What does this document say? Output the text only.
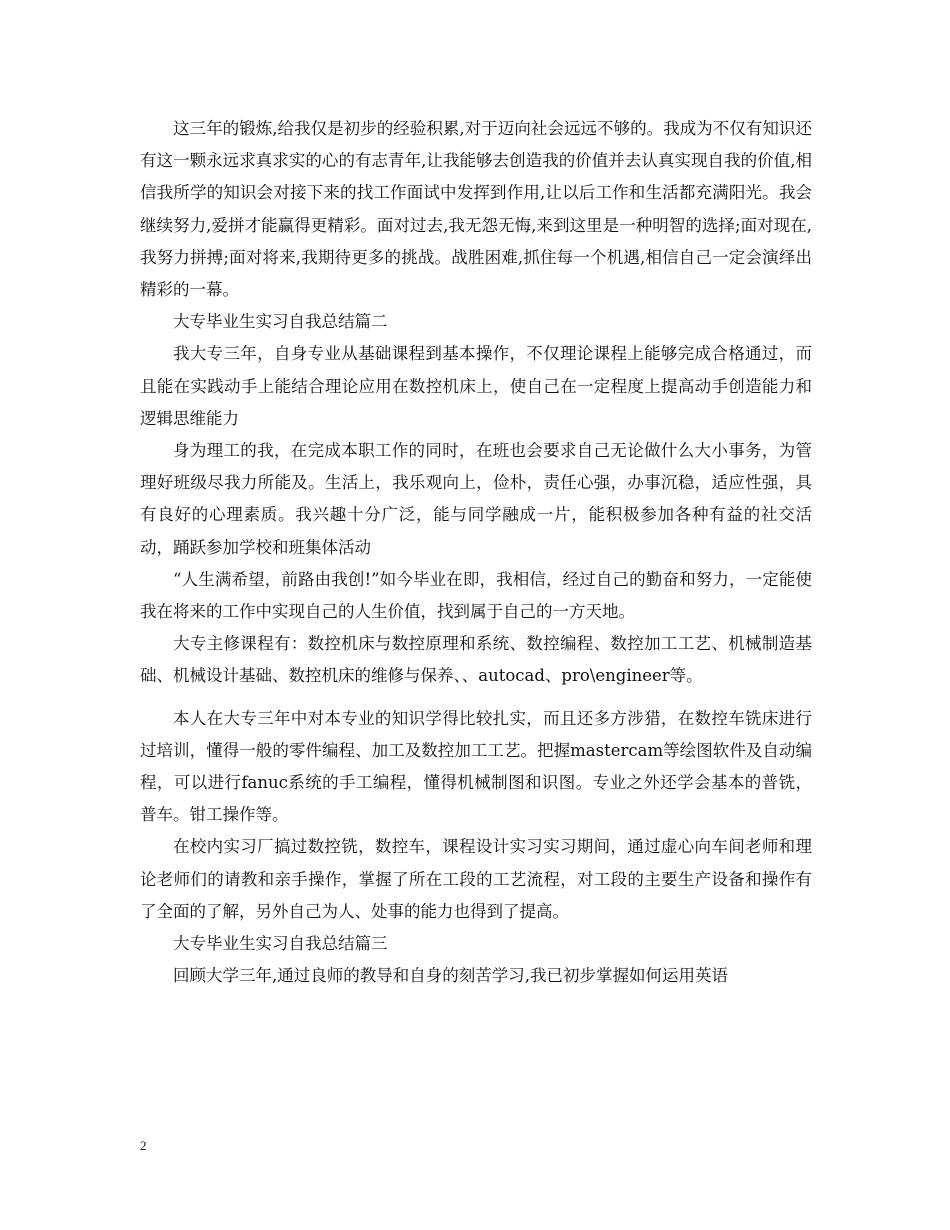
这三年的锻炼,给我仅是初步的经验积累,对于迈向社会远远不够的。我成为不仅有知识还有这一颗永远求真求实的心的有志青年,让我能够去创造我的价值并去认真实现自我的价值,相信我所学的知识会对接下来的找工作面试中发挥到作用,让以后工作和生活都充满阳光。我会继续努力,爱拼才能赢得更精彩。面对过去,我无怨无悔,来到这里是一种明智的选择;面对现在,我努力拼搏;面对将来,我期待更多的挑战。战胜困难,抓住每一个机遇,相信自己一定会演绎出精彩的一幕。

大专毕业生实习自我总结篇二

我大专三年，自身专业从基础课程到基本操作，不仅理论课程上能够完成合格通过，而且能在实践动手上能结合理论应用在数控机床上，使自己在一定程度上提高动手创造能力和逻辑思维能力

身为理工的我，在完成本职工作的同时，在班也会要求自己无论做什么大小事务，为管理好班级尽我力所能及。生活上，我乐观向上，俭朴，责任心强，办事沉稳，适应性强，具有良好的心理素质。我兴趣十分广泛，能与同学融成一片，能积极参加各种有益的社交活动，踊跃参加学校和班集体活动

“人生满希望，前路由我创!”如今毕业在即，我相信，经过自己的勤奋和努力，一定能使我在将来的工作中实现自己的人生价值，找到属于自己的一方天地。

大专主修课程有：数控机床与数控原理和系统、数控编程、数控加工工艺、机械制造基础、机械设计基础、数控机床的维修与保养、、autocad、pro\engineer等。

本人在大专三年中对本专业的知识学得比较扎实，而且还多方涉猎，在数控车铣床进行过培训，懂得一般的零件编程、加工及数控加工工艺。把握mastercam等绘图软件及自动编程，可以进行fanuc系统的手工编程，懂得机械制图和识图。专业之外还学会基本的普铣，普车。钳工操作等。

在校内实习厂搞过数控铣，数控车，课程设计实习实习期间，通过虚心向车间老师和理论老师们的请教和亲手操作，掌握了所在工段的工艺流程，对工段的主要生产设备和操作有了全面的了解，另外自己为人、处事的能力也得到了提高。

大专毕业生实习自我总结篇三

回顾大学三年,通过良师的教导和自身的刻苦学习,我已初步掌握如何运用英语

2
